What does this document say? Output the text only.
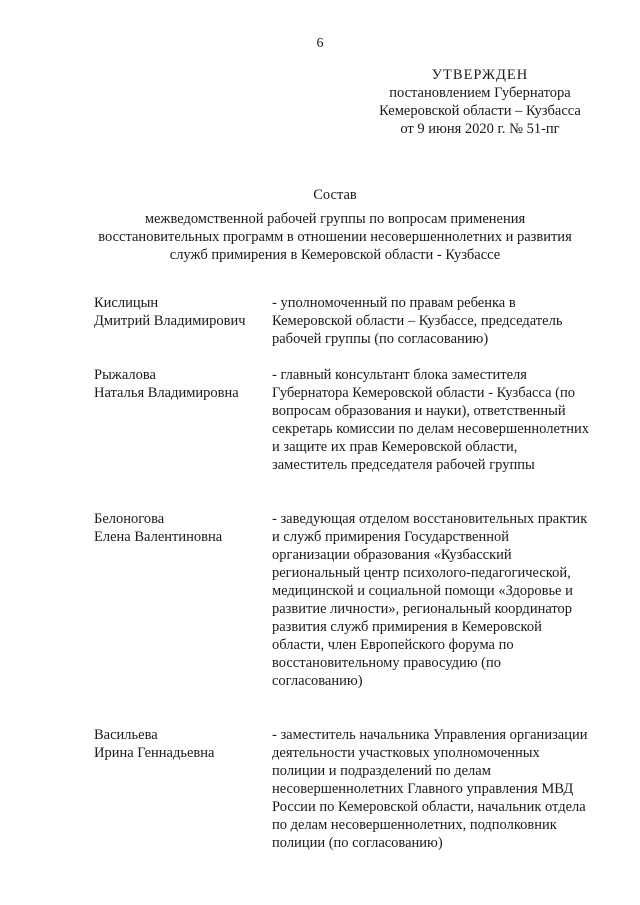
6
УТВЕРЖДЕН
постановлением Губернатора
Кемеровской области – Кузбасса
от 9 июня 2020 г. № 51-пг
Состав
межведомственной рабочей группы по вопросам применения
восстановительных программ в отношении несовершеннолетних и развития
служб примирения в Кемеровской области - Кузбассе
Кислицын
Дмитрий Владимирович
- уполномоченный по правам ребенка в Кемеровской области – Кузбассе, председатель рабочей группы (по согласованию)
Рыжалова
Наталья Владимировна
- главный консультант блока заместителя Губернатора Кемеровской области - Кузбасса (по вопросам образования и науки), ответственный секретарь комиссии по делам несовершеннолетних и защите их прав Кемеровской области, заместитель председателя рабочей группы
Белоногова
Елена Валентиновна
- заведующая отделом восстановительных практик и служб примирения Государственной организации образования «Кузбасский региональный центр психолого-педагогической, медицинской и социальной помощи «Здоровье и развитие личности», региональный координатор развития служб примирения в Кемеровской области, член Европейского форума по восстановительному правосудию (по согласованию)
Васильева
Ирина Геннадьевна
- заместитель начальника Управления организации деятельности участковых уполномоченных полиции и подразделений по делам несовершеннолетних Главного управления МВД России по Кемеровской области, начальник отдела по делам несовершеннолетних, подполковник полиции (по согласованию)
